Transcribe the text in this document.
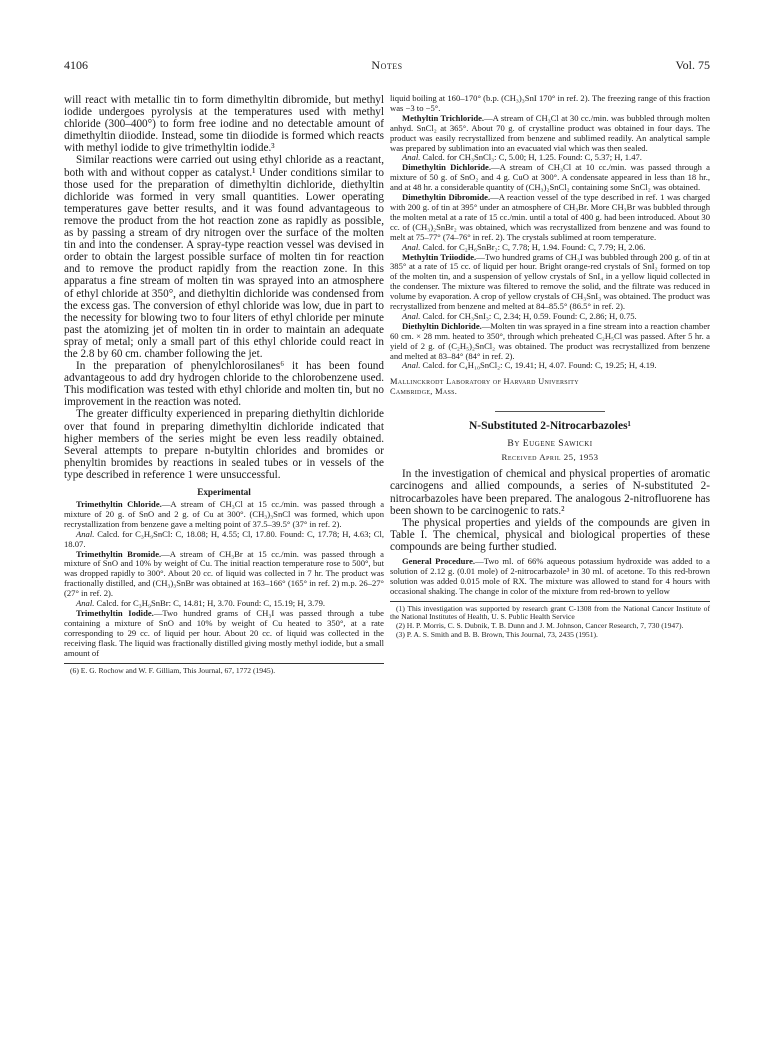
4106	Notes	Vol. 75

will react with metallic tin to form dimethyltin dibromide, but methyl iodide undergoes pyrolysis at the temperatures used with methyl chloride (300–400°) to form free iodine and no detectable amount of dimethyltin diiodide. Instead, some tin diiodide is formed which reacts with methyl iodide to give trimethyltin iodide.³

Similar reactions were carried out using ethyl chloride as a reactant, both with and without copper as catalyst.¹ Under conditions similar to those used for the preparation of dimethyltin dichloride, diethyltin dichloride was formed in very small quantities. Lower operating temperatures gave better results, and it was found advantageous to remove the product from the hot reaction zone as rapidly as possible, as by passing a stream of dry nitrogen over the surface of the molten tin and into the condenser. A spray-type reaction vessel was devised in order to obtain the largest possible surface of molten tin for reaction and to remove the product rapidly from the reaction zone. In this apparatus a fine stream of molten tin was sprayed into an atmosphere of ethyl chloride at 350°, and diethyltin dichloride was condensed from the excess gas. The conversion of ethyl chloride was low, due in part to the necessity for blowing two to four liters of ethyl chloride per minute past the atomizing jet of molten tin in order to maintain an adequate spray of metal; only a small part of this ethyl chloride could react in the 2.8 by 60 cm. chamber following the jet.

In the preparation of phenylchlorosilanes⁶ it has been found advantageous to add dry hydrogen chloride to the chlorobenzene used. This modification was tested with ethyl chloride and molten tin, but no improvement in the reaction was noted.

The greater difficulty experienced in preparing diethyltin dichloride over that found in preparing dimethyltin dichloride indicated that higher members of the series might be even less readily obtained. Several attempts to prepare n-butyltin chlorides and bromides or phenyltin bromides by reactions in sealed tubes or in vessels of the type described in reference 1 were unsuccessful.

Experimental

Trimethyltin Chloride.—A stream of CH₃Cl at 15 cc./min. was passed through a mixture of 20 g. of SnO and 2 g. of Cu at 300°. (CH₃)₃SnCl was formed, which upon recrystallization from benzene gave a melting point of 37.5–39.5° (37° in ref. 2).

Anal. Calcd. for C₃H₉SnCl: C, 18.08; H, 4.55; Cl, 17.80. Found: C, 17.78; H, 4.63; Cl, 18.07.

Trimethyltin Bromide.—A stream of CH₃Br at 15 cc./min. was passed through a mixture of SnO and 10% by weight of Cu. The initial reaction temperature rose to 500°, but was dropped rapidly to 300°. About 20 cc. of liquid was collected in 7 hr. The product was fractionally distilled, and (CH₃)₃SnBr was obtained at 163–166° (165° in ref. 2) m.p. 26–27° (27° in ref. 2).

Anal. Calcd. for C₃H₉SnBr: C, 14.81; H, 3.70. Found: C, 15.19; H, 3.79.

Trimethyltin Iodide.—Two hundred grams of CH₃I was passed through a tube containing a mixture of SnO and 10% by weight of Cu heated to 350°, at a rate corresponding to 29 cc. of liquid per hour. About 20 cc. of liquid was collected in the receiving flask. The liquid was fractionally distilled giving mostly methyl iodide, but a small amount of

(6) E. G. Rochow and W. F. Gilliam, This Journal, 67, 1772 (1945).

liquid boiling at 160–170° (b.p. (CH₃)₃SnI 170° in ref. 2). The freezing range of this fraction was −3 to −5°.

Methyltin Trichloride.—A stream of CH₃Cl at 30 cc./min. was bubbled through molten anhyd. SnCl₂ at 365°. About 70 g. of crystalline product was obtained in four days. The product was easily recrystallized from benzene and sublimed readily. An analytical sample was prepared by sublimation into an evacuated vial which was then sealed.

Anal. Calcd. for CH₃SnCl₃: C, 5.00; H, 1.25. Found: C, 5.37; H, 1.47.

Dimethyltin Dichloride.—A stream of CH₃Cl at 10 cc./min. was passed through a mixture of 50 g. of SnO₂ and 4 g. CuO at 300°. A condensate appeared in less than 18 hr., and at 48 hr. a considerable quantity of (CH₃)₂SnCl₂ containing some SnCl₂ was obtained.

Dimethyltin Dibromide.—A reaction vessel of the type described in ref. 1 was charged with 200 g. of tin at 395° under an atmosphere of CH₃Br. More CH₃Br was bubbled through the molten metal at a rate of 15 cc./min. until a total of 400 g. had been introduced. About 30 cc. of (CH₃)₂SnBr₂ was obtained, which was recrystallized from benzene and was found to melt at 75–77° (74–76° in ref. 2). The crystals sublimed at room temperature.

Anal. Calcd. for C₂H₆SnBr₂: C, 7.78; H, 1.94. Found: C, 7.79; H, 2.06.

Methyltin Triiodide.—Two hundred grams of CH₃I was bubbled through 200 g. of tin at 385° at a rate of 15 cc. of liquid per hour. Bright orange-red crystals of SnI₂ formed on top of the molten tin, and a suspension of yellow crystals of SnI₄ in a yellow liquid collected in the condenser. The mixture was filtered to remove the solid, and the filtrate was reduced in volume by evaporation. A crop of yellow crystals of CH₃SnI₃ was obtained. The product was recrystallized from benzene and melted at 84–85.5° (86.5° in ref. 2).

Anal. Calcd. for CH₃SnI₃: C, 2.34; H, 0.59. Found: C, 2.86; H, 0.75.

Diethyltin Dichloride.—Molten tin was sprayed in a fine stream into a reaction chamber 60 cm. × 28 mm. heated to 350°, through which preheated C₂H₅Cl was passed. After 5 hr. a yield of 2 g. of (C₂H₅)₂SnCl₂ was obtained. The product was recrystallized from benzene and melted at 83–84° (84° in ref. 2).

Anal. Calcd. for C₄H₁₀SnCl₂: C, 19.41; H, 4.07. Found: C, 19.25; H, 4.19.

Mallinckrodt Laboratory of Harvard University
Cambridge, Mass.
N-Substituted 2-Nitrocarbazoles¹
By Eugene Sawicki
Received April 25, 1953

In the investigation of chemical and physical properties of aromatic carcinogens and allied compounds, a series of N-substituted 2-nitrocarbazoles have been prepared. The analogous 2-nitrofluorene has been shown to be carcinogenic to rats.²

The physical properties and yields of the compounds are given in Table I. The chemical, physical and biological properties of these compounds are being further studied.

General Procedure.—Two ml. of 66% aqueous potassium hydroxide was added to a solution of 2.12 g. (0.01 mole) of 2-nitrocarbazole³ in 30 ml. of acetone. To this red-brown solution was added 0.015 mole of RX. The mixture was allowed to stand for 4 hours with occasional shaking. The change in color of the mixture from red-brown to yellow

(1) This investigation was supported by research grant C-1308 from the National Cancer Institute of the National Institutes of Health, U. S. Public Health Service

(2) H. P. Morris, C. S. Dubnik, T. B. Dunn and J. M. Johnson, Cancer Research, 7, 730 (1947).

(3) P. A. S. Smith and B. B. Brown, This Journal, 73, 2435 (1951).
